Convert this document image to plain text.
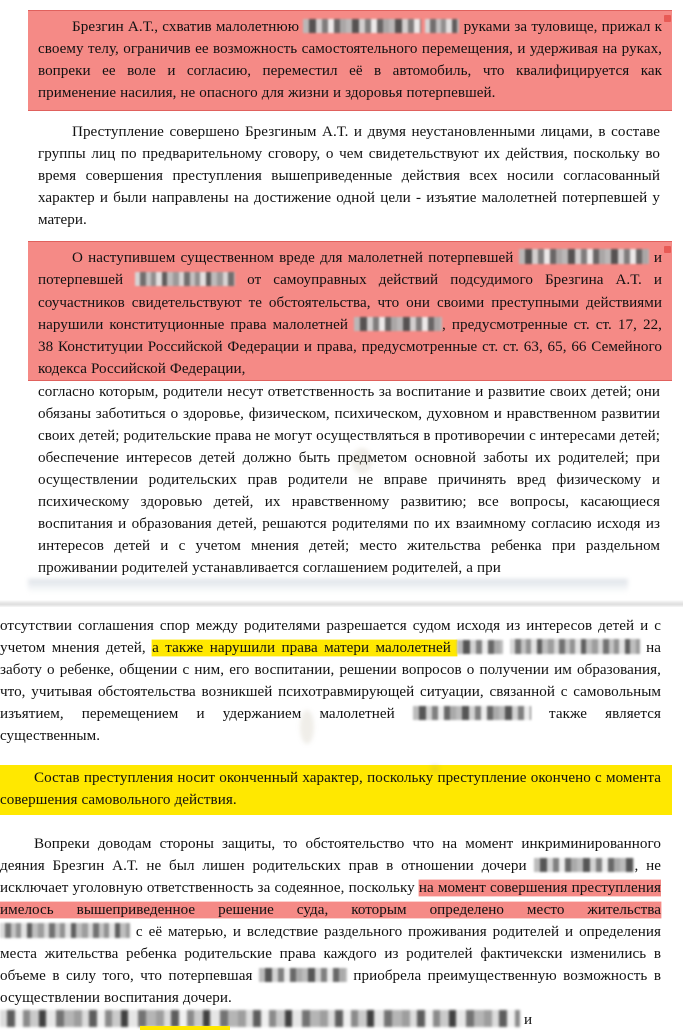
Брезгин А.Т., схватив малолетнюю	руками за туловище, прижал к своему телу, ограничив ее возможность самостоятельного перемещения, и удерживая на руках, вопреки ее воле и согласию, переместил её в автомобиль, что квалифицируется как применение насилия, не опасного для жизни и здоровья потерпевшей.

Преступление совершено Брезгиным А.Т. и двумя неустановленными лицами, в составе группы лиц по предварительному сговору, о чем свидетельствуют их действия, поскольку во время совершения преступления вышеприведенные действия всех носили согласованный характер и были направлены на достижение одной цели - изъятие малолетней потерпевшей у матери.

О наступившем существенном вреде для малолетней потерпевшей	и потерпевшей	от самоуправных действий подсудимого Брезгина А.Т. и соучастников свидетельствуют те обстоятельства, что они своими преступными действиями нарушили конституционные права малолетней	, предусмотренные ст. ст. 17, 22, 38 Конституции Российской Федерации и права, предусмотренные ст. ст. 63, 65, 66 Семейного кодекса Российской Федерации,

согласно которым, родители несут ответственность за воспитание и развитие своих детей; они обязаны заботиться о здоровье, физическом, психическом, духовном и нравственном развитии своих детей; родительские права не могут осуществляться в противоречии с интересами детей; обеспечение интересов детей должно быть предметом основной заботы их родителей; при осуществлении родительских прав родители не вправе причинять вред физическому и психическому здоровью детей, их нравственному развитию; все вопросы, касающиеся воспитания и образования детей, решаются родителями по их взаимному согласию исходя из интересов детей и с учетом мнения детей; место жительства ребенка при раздельном проживании родителей устанавливается соглашением родителей, а при

отсутствии соглашения спор между родителями разрешается судом исходя из интересов детей и с учетом мнения детей, а также нарушили права матери малолетней	на заботу о ребенке, общении с ним, его воспитании, решении вопросов о получении им образования, что, учитывая обстоятельства возникшей психотравмирующей ситуации, связанной с самовольным изъятием, перемещением и удержанием малолетней	также является существенным.

Состав преступления носит оконченный характер, поскольку преступление окончено с момента совершения самовольного действия.

Вопреки доводам стороны защиты, то обстоятельство что на момент инкриминированного деяния Брезгин А.Т. не был лишен родительских прав в отношении дочери	, не исключает уголовную ответственность за содеянное, поскольку на момент совершения преступления имелось вышеприведенное решение суда, которым определено место жительства  с её матерью, и вследствие раздельного проживания родителей и определения места жительства ребенка родительские права каждого из родителей фактичекски изменились в объеме в силу того, что потерпевшая	приобрела преимущественную возможность в осуществлении воспитания дочери.

и
